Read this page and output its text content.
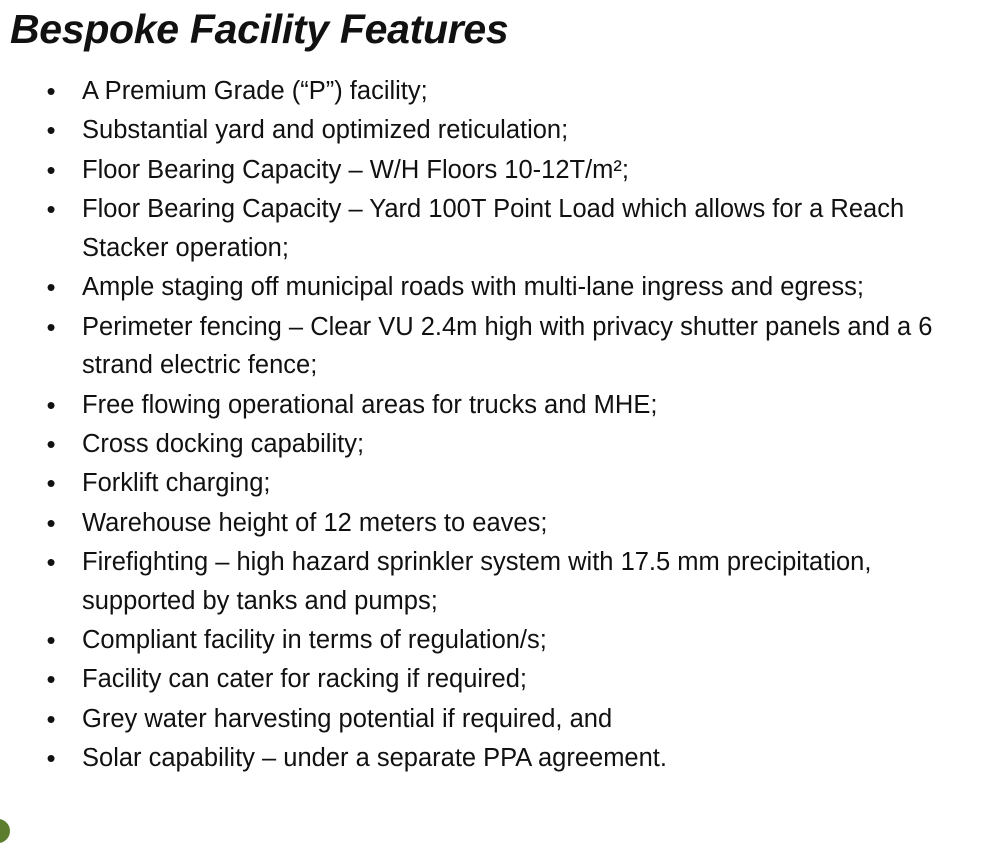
Bespoke Facility Features
• A Premium Grade (“P”) facility;
• Substantial yard and optimized reticulation;
• Floor Bearing Capacity – W/H Floors 10-12T/m²;
• Floor Bearing Capacity – Yard 100T Point Load which allows for a Reach Stacker operation;
• Ample staging off municipal roads with multi-lane ingress and egress;
• Perimeter fencing – Clear VU 2.4m high with privacy shutter panels and a 6 strand electric fence;
• Free flowing operational areas for trucks and MHE;
• Cross docking capability;
• Forklift charging;
• Warehouse height of 12 meters to eaves;
• Firefighting – high hazard sprinkler system with 17.5 mm precipitation, supported by tanks and pumps;
• Compliant facility in terms of regulation/s;
• Facility can cater for racking if required;
• Grey water harvesting potential if required, and
• Solar capability – under a separate PPA agreement.
